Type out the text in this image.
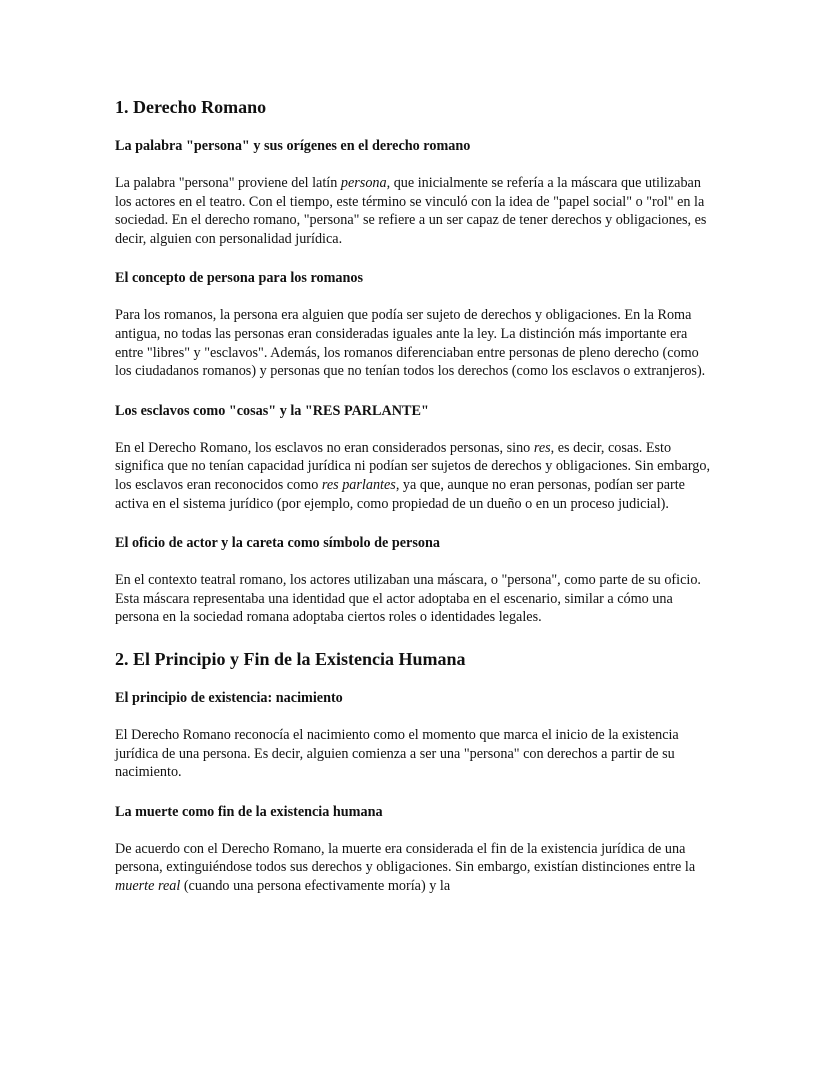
1. Derecho Romano
La palabra "persona" y sus orígenes en el derecho romano

La palabra "persona" proviene del latín persona, que inicialmente se refería a la máscara que utilizaban los actores en el teatro. Con el tiempo, este término se vinculó con la idea de "papel social" o "rol" en la sociedad. En el derecho romano, "persona" se refiere a un ser capaz de tener derechos y obligaciones, es decir, alguien con personalidad jurídica.

El concepto de persona para los romanos

Para los romanos, la persona era alguien que podía ser sujeto de derechos y obligaciones. En la Roma antigua, no todas las personas eran consideradas iguales ante la ley. La distinción más importante era entre "libres" y "esclavos". Además, los romanos diferenciaban entre personas de pleno derecho (como los ciudadanos romanos) y personas que no tenían todos los derechos (como los esclavos o extranjeros).

Los esclavos como "cosas" y la "RES PARLANTE"

En el Derecho Romano, los esclavos no eran considerados personas, sino res, es decir, cosas. Esto significa que no tenían capacidad jurídica ni podían ser sujetos de derechos y obligaciones. Sin embargo, los esclavos eran reconocidos como res parlantes, ya que, aunque no eran personas, podían ser parte activa en el sistema jurídico (por ejemplo, como propiedad de un dueño o en un proceso judicial).

El oficio de actor y la careta como símbolo de persona

En el contexto teatral romano, los actores utilizaban una máscara, o "persona", como parte de su oficio. Esta máscara representaba una identidad que el actor adoptaba en el escenario, similar a cómo una persona en la sociedad romana adoptaba ciertos roles o identidades legales.

2. El Principio y Fin de la Existencia Humana
El principio de existencia: nacimiento

El Derecho Romano reconocía el nacimiento como el momento que marca el inicio de la existencia jurídica de una persona. Es decir, alguien comienza a ser una "persona" con derechos a partir de su nacimiento.

La muerte como fin de la existencia humana

De acuerdo con el Derecho Romano, la muerte era considerada el fin de la existencia jurídica de una persona, extinguiéndose todos sus derechos y obligaciones. Sin embargo, existían distinciones entre la muerte real (cuando una persona efectivamente moría) y la
